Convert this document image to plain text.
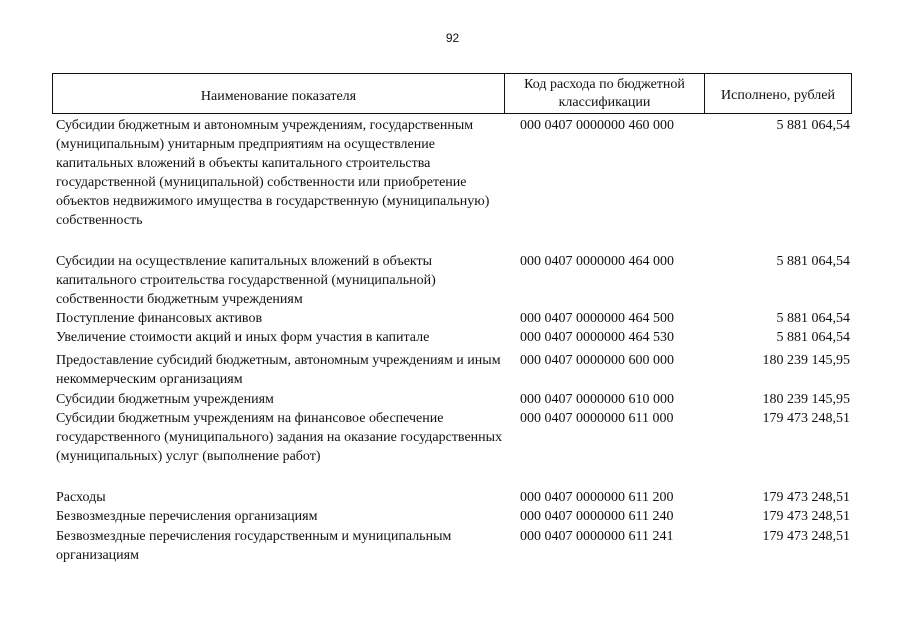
92
Наименование показателя
Код расхода по бюджетной классификации	Исполнено, рублей
Субсидии бюджетным и автономным учреждениям, государственным (муниципальным) унитарным предприятиям на осуществление капитальных вложений в объекты капитального строительства государственной (муниципальной) собственности или приобретение объектов недвижимого имущества в государственную (муниципальную) собственность
000 0407 0000000 460 000	5 881 064,54
Субсидии на осуществление капитальных вложений в объекты капитального строительства государственной (муниципальной) собственности бюджетным учреждениям
000 0407 0000000 464 000	5 881 064,54
Поступление финансовых активов	000 0407 0000000 464 500	5 881 064,54
Увеличение стоимости акций и иных форм участия в капитале	000 0407 0000000 464 530	5 881 064,54
Предоставление субсидий бюджетным, автономным учреждениям и иным некоммерческим организациям
000 0407 0000000 600 000	180 239 145,95
Субсидии бюджетным учреждениям	000 0407 0000000 610 000	180 239 145,95
Субсидии бюджетным учреждениям на финансовое обеспечение государственного (муниципального) задания на оказание государственных (муниципальных) услуг (выполнение работ)
000 0407 0000000 611 000	179 473 248,51
Расходы	000 0407 0000000 611 200	179 473 248,51
Безвозмездные перечисления организациям	000 0407 0000000 611 240	179 473 248,51
Безвозмездные перечисления государственным и муниципальным организациям
000 0407 0000000 611 241	179 473 248,51
